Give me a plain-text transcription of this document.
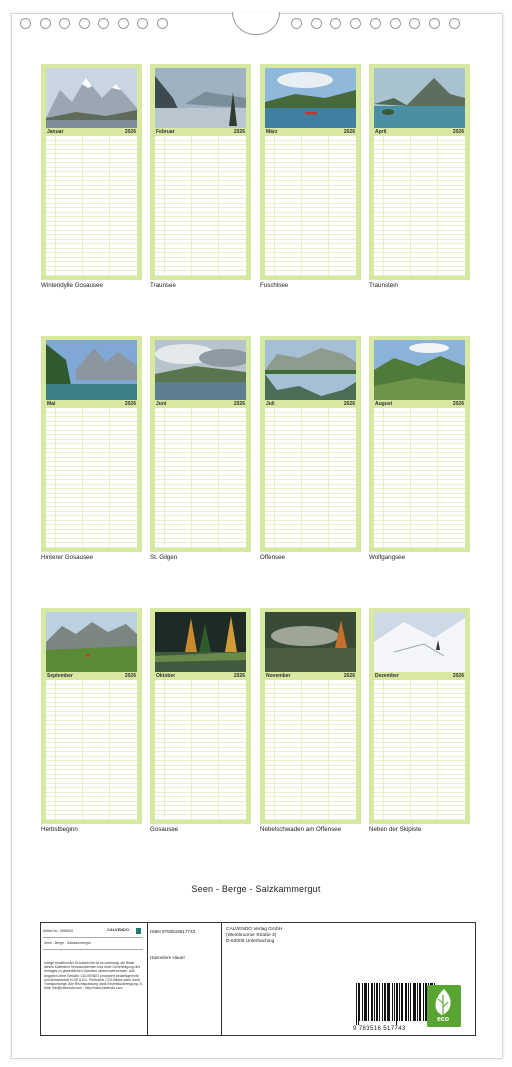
Januar	2026
Winteridylle Gosausee
Februar	2026
Traunsee
März	2026
Fuschlsee
April	2026
Traunstein
Mai	2026
Hinterer Gosausee
Juni	2026
St. Gilgen
Juli	2026
Offensee
August	2026
Wolfgangsee
September	2026
Herbstbeginn
Oktober	2026
Gosausee
November	2026
Nebelschwaden am Offensee
Dezember	2026
Neben der Skipiste
Seen - Berge - Salzkammergut
Artikel-Nr.: 2596900	CALVENDO
Seen - Berge - Salzkammergut
Infolge bestehender Schutzrechte ist es untersagt, die Bilder dieses Kalenders herauszutrennen und ohne Genehmigung des Verlages zu gewerblichen Zwecken weiterzuverwenden. Alle Angaben ohne Gewähr. CALVENDO produziert bedarfsgerecht und klimaneutral in DE & EU. Preisneutr CO2-Bilanz dank durch Transportwege. Alle Rechtspassung dank Einzelstückfertigung. E-Mail: info@calvendo.com · http://www.calvendo.com
ISBN 9783516517743
Hannelore Hauer
CALVENDO Verlag GmbH
(Weinbrunner Straße 3)
D-82008 Unterhaching
9 783516 517743
eco
